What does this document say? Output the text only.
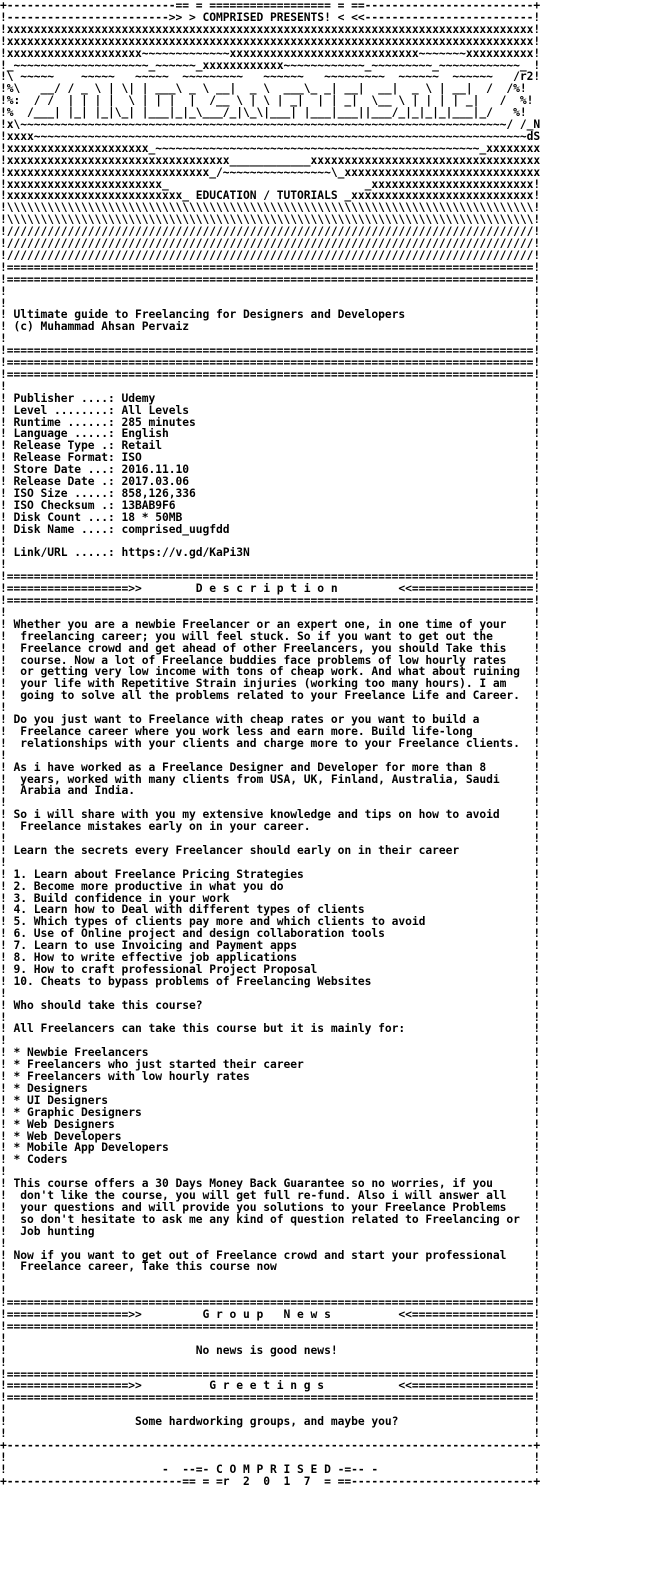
+-------------------------== = ================== = ==-------------------------+
!------------------------>> > COMPRISED PRESENTS! < <<-------------------------!
!xxxxxxxxxxxxxxxxxxxxxxxxxxxxxxxxxxxxxxxxxxxxxxxxxxxxxxxxxxxxxxxxxxxxxxxxxxxxxx!
!xxxxxxxxxxxxxxxxxxxxxxxxxxxxxxxxxxxxxxxxxxxxxxxxxxxxxxxxxxxxxxxxxxxxxxxxxxxxxx!
!xxxxxxxxxxxxxxxxxxxx~~~~~~~~~~~~~xxxxxxxxxxxxxxxxxxxxxxxxxxxx~~~~~~~xxxxxxxxxx!
!_~~~~~~~~~~~~~~~~~~~~_~~~~~~_xxxxxxxxxxxx~~~~~~~~~~~~_~~~~~~~~~_~~~~~~~~~~~~_ !
!\ ~~~~~    ~~~~~   ~~~~~  ~~~~~~~~~   ~~~~~~   ~~~~~~~~~  ~~~~~~  ~~~~~~   /r2!
!%\   __/ / _ \ | \| | ___\ _ \ __|  _ \  ___\_ _| __|  __|  _ \ | __|  /  /%!
!%:  / /  | | | |  \ | | |  |  /__ \ | \ | _|  | | _|  \__ \ | | | | _|   /  %!
!%  /___| |_| |_|\_| |___|_|_\___/_|\_\|___| |___|___||___/_|_|_|_|___|_/   %!
!x\~~~~~~~~~~~~~~~~~~~~~~~~~~~~~~~~~~~~~~~~~~~~~~~~~~~~~~~~~~~~~~~~~~~~~~~~/ /_N
!xxxx~~~~~~~~~~~~~~~~~~~~~~~~~~~~~~~~~~~~~~~~~~~~~~~~~~~~~~~~~~~~~~~~~~~~~~~~~dS
!xxxxxxxxxxxxxxxxxxxxx_~~~~~~~~~~~~~~~~~~~~~~~~~~~~~~~~~~~~~~~~~~~~~~~~_xxxxxxxx
!xxxxxxxxxxxxxxxxxxxxxxxxxxxxxxxxx____________xxxxxxxxxxxxxxxxxxxxxxxxxxxxxxxxxx
!xxxxxxxxxxxxxxxxxxxxxxxxxxxxxx_/~~~~~~~~~~~~~~~~\_xxxxxxxxxxxxxxxxxxxxxxxxxxxxx
!xxxxxxxxxxxxxxxxxxxxxxx_                             _xxxxxxxxxxxxxxxxxxxxxxxx!
!xxxxxxxxxxxxxxxxxxxxxxxxxx_ EDUCATION / TUTORIALS _xxxxxxxxxxxxxxxxxxxxxxxxxxx!
!\\\\\\\\\\\\\\\\\\\\\\\\\\\\\\\\\\\\\\\\\\\\\\\\\\\\\\\\\\\\\\\\\\\\\\\\\\\\\\!
!\\\\\\\\\\\\\\\\\\\\\\\\\\\\\\\\\\\\\\\\\\\\\\\\\\\\\\\\\\\\\\\\\\\\\\\\\\\\\\!
!//////////////////////////////////////////////////////////////////////////////!
!//////////////////////////////////////////////////////////////////////////////!
!//////////////////////////////////////////////////////////////////////////////!
!==============================================================================!
!==============================================================================!
!                                                                              !
!                                                                              !
! Ultimate guide to Freelancing for Designers and Developers                   !
! (c) Muhammad Ahsan Pervaiz                                                   !
!                                                                              !
!==============================================================================!
!==============================================================================!
!==============================================================================!
!                                                                              !
! Publisher ....: Udemy                                                        !
! Level ........: All Levels                                                   !
! Runtime ......: 285 minutes                                                  !
! Language .....: English                                                      !
! Release Type .: Retail                                                       !
! Release Format: ISO                                                          !
! Store Date ...: 2016.11.10                                                   !
! Release Date .: 2017.03.06                                                   !
! ISO Size .....: 858,126,336                                                  !
! ISO Checksum .: 13BAB9F6                                                     !
! Disk Count ...: 18 * 50MB                                                    !
! Disk Name ....: comprised_uugfdd                                             !
!                                                                              !
! Link/URL .....: https://v.gd/KaPi3N                                          !
!                                                                              !
!==============================================================================!
!==================>>        D e s c r i p t i o n         <<==================!
!==============================================================================!
!                                                                              !
! Whether you are a newbie Freelancer or an expert one, in one time of your    !
!  freelancing career; you will feel stuck. So if you want to get out the      !
!  Freelance crowd and get ahead of other Freelancers, you should Take this    !
!  course. Now a lot of Freelance buddies face problems of low hourly rates    !
!  or getting very low income with tons of cheap work. And what about ruining  !
!  your life with Repetitive Strain injuries (working too many hours). I am    !
!  going to solve all the problems related to your Freelance Life and Career.  !
!                                                                              !
! Do you just want to Freelance with cheap rates or you want to build a        !
!  Freelance career where you work less and earn more. Build life-long         !
!  relationships with your clients and charge more to your Freelance clients.  !
!                                                                              !
! As i have worked as a Freelance Designer and Developer for more than 8       !
!  years, worked with many clients from USA, UK, Finland, Australia, Saudi     !
!  Arabia and India.                                                           !
!                                                                              !
! So i will share with you my extensive knowledge and tips on how to avoid     !
!  Freelance mistakes early on in your career.                                 !
!                                                                              !
! Learn the secrets every Freelancer should early on in their career           !
!                                                                              !
! 1. Learn about Freelance Pricing Strategies                                  !
! 2. Become more productive in what you do                                     !
! 3. Build confidence in your work                                             !
! 4. Learn how to Deal with different types of clients                         !
! 5. Which types of clients pay more and which clients to avoid                !
! 6. Use of Online project and design collaboration tools                      !
! 7. Learn to use Invoicing and Payment apps                                   !
! 8. How to write effective job applications                                   !
! 9. How to craft professional Project Proposal                                !
! 10. Cheats to bypass problems of Freelancing Websites                        !
!                                                                              !
! Who should take this course?                                                 !
!                                                                              !
! All Freelancers can take this course but it is mainly for:                   !
!                                                                              !
! * Newbie Freelancers                                                         !
! * Freelancers who just started their career                                  !
! * Freelancers with low hourly rates                                          !
! * Designers                                                                  !
! * UI Designers                                                               !
! * Graphic Designers                                                          !
! * Web Designers                                                              !
! * Web Developers                                                             !
! * Mobile App Developers                                                      !
! * Coders                                                                     !
!                                                                              !
! This course offers a 30 Days Money Back Guarantee so no worries, if you      !
!  don't like the course, you will get full re-fund. Also i will answer all    !
!  your questions and will provide you solutions to your Freelance Problems    !
!  so don't hesitate to ask me any kind of question related to Freelancing or  !
!  Job hunting                                                                 !
!                                                                              !
! Now if you want to get out of Freelance crowd and start your professional    !
!  Freelance career, Take this course now                                      !
!                                                                              !
!                                                                              !
!==============================================================================!
!==================>>         G r o u p   N e w s          <<==================!
!==============================================================================!
!                                                                              !
!                            No news is good news!                             !
!                                                                              !
!==============================================================================!
!==================>>          G r e e t i n g s           <<==================!
!==============================================================================!
!                                                                              !
!                   Some hardworking groups, and maybe you?                    !
!                                                                              !
+------------------------------------------------------------------------------+
!                                                                              !
!                       -  --=- C O M P R I S E D -=-- -                       !
+--------------------------== = =r  2  0  1  7  = ==---------------------------+
